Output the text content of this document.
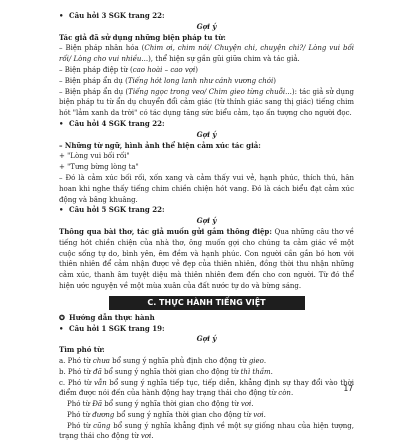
• Câu hỏi 3 SGK trang 22:

Gợi ý

Tác giả đã sử dụng những biện pháp tu từ:

– Biện pháp nhân hóa (Chim ơi, chim nói/ Chuyện chi, chuyện chi?/ Lòng vui bối rối/ Lòng cho vui nhiều...), thể hiện sự gần gũi giữa chim và tác giả.

– Biện pháp điệp từ (cao hoài – cao vợi)

– Biện pháp ẩn dụ (Tiếng hót long lanh như cánh vương chói)

– Biện pháp ẩn dụ (Tiếng ngọc trong veo/ Chim gieo từng chuỗi...): tác giả sử dụng biện pháp tu từ ẩn dụ chuyển đổi cảm giác (từ thính giác sang thị giác) tiếng chim hót "lảm xanh da trời" có tác dụng tăng sức biểu cảm, tạo ấn tượng cho người đọc.

• Câu hỏi 4 SGK trang 22:

Gợi ý

– Những từ ngữ, hình ảnh thể hiện cảm xúc tác giả:

+ "Lòng vui bối rối"

+ "Tưng bừng lòng ta"

– Đó là cảm xúc bối rối, xốn xang và cảm thấy vui vẻ, hạnh phúc, thích thú, hân hoan khi nghe thấy tiếng chim chiền chiện hót vang. Đó là cách biểu đạt cảm xúc động và bâng khuâng.

• Câu hỏi 5 SGK trang 22:

Gợi ý

Thông qua bài thơ, tác giả muốn gửi gắm thông điệp: Qua những câu thơ về tiếng hót chiền chiện của nhà thơ, ông muốn gợi cho chúng ta cảm giác về một cuộc sống tự do, bình yên, êm đềm và hạnh phúc. Con người cần gắn bó hơn với thiên nhiên để cảm nhận được vẻ đẹp của thiên nhiên, đồng thời thu nhận những cảm xúc, thanh âm tuyệt diệu mà thiên nhiên đem đến cho con người. Từ đó thể hiện ước nguyện về một mùa xuân của đất nước tự do và bừng sáng.

C. THỰC HÀNH TIẾNG VIỆT

✪ Hướng dẫn thực hành

• Câu hỏi 1 SGK trang 19:

Gợi ý

Tìm phó từ:

a. Phó từ chưa bổ sung ý nghĩa phủ định cho động từ gieo.

b. Phó từ đã bổ sung ý nghĩa thời gian cho động từ thì thầm.

c. Phó từ vẫn bổ sung ý nghĩa tiếp tục, tiếp diễn, khẳng định sự thay đổi vào thời điểm được nói đến của hành động hay trạng thái cho động từ còn.

Phó từ Đã bổ sung ý nghĩa thời gian cho động từ vơi.

Phó từ đương bổ sung ý nghĩa thời gian cho động từ vơi.

Phó từ cũng bổ sung ý nghĩa khẳng định về một sự giống nhau của hiện tượng, trạng thái cho động từ vơi.

17
